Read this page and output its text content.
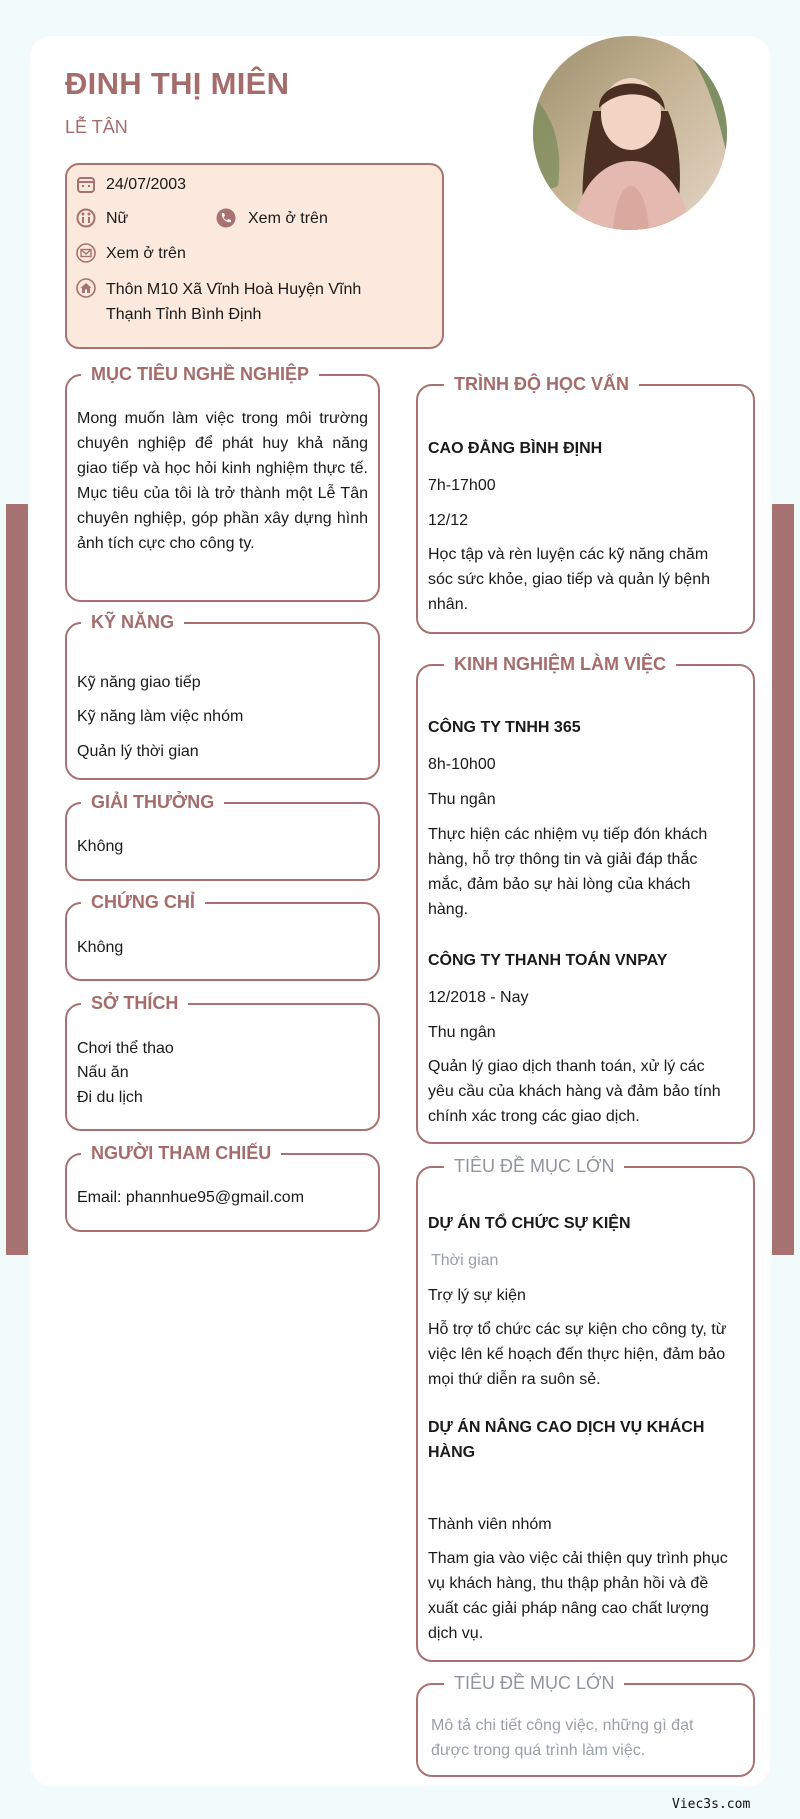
ĐINH THỊ MIÊN
LỄ TÂN
24/07/2003
Nữ	Xem ở trên
Xem ở trên
Thôn M10 Xã Vĩnh Hoà Huyện Vĩnh Thạnh Tỉnh Bình Định
MỤC TIÊU NGHỀ NGHIỆP
Mong muốn làm việc trong môi trường chuyên nghiệp để phát huy khả năng giao tiếp và học hỏi kinh nghiệm thực tế. Mục tiêu của tôi là trở thành một Lễ Tân chuyên nghiệp, góp phần xây dựng hình ảnh tích cực cho công ty.
KỸ NĂNG
Kỹ năng giao tiếp
Kỹ năng làm việc nhóm
Quản lý thời gian
GIẢI THƯỞNG
Không
CHỨNG CHỈ
Không
SỞ THÍCH
Chơi thể thao
Nấu ăn
Đi du lịch
NGƯỜI THAM CHIẾU
Email: phannhue95@gmail.com
TRÌNH ĐỘ HỌC VẤN
CAO ĐẲNG BÌNH ĐỊNH
7h-17h00
12/12
Học tập và rèn luyện các kỹ năng chăm sóc sức khỏe, giao tiếp và quản lý bệnh nhân.
KINH NGHIỆM LÀM VIỆC
CÔNG TY TNHH 365
8h-10h00
Thu ngân
Thực hiện các nhiệm vụ tiếp đón khách hàng, hỗ trợ thông tin và giải đáp thắc mắc, đảm bảo sự hài lòng của khách hàng.
CÔNG TY THANH TOÁN VNPAY
12/2018 - Nay
Thu ngân
Quản lý giao dịch thanh toán, xử lý các yêu cầu của khách hàng và đảm bảo tính chính xác trong các giao dịch.
TIÊU ĐỀ MỤC LỚN
DỰ ÁN TỔ CHỨC SỰ KIỆN
Thời gian
Trợ lý sự kiện
Hỗ trợ tổ chức các sự kiện cho công ty, từ việc lên kế hoạch đến thực hiện, đảm bảo mọi thứ diễn ra suôn sẻ.
DỰ ÁN NÂNG CAO DỊCH VỤ KHÁCH HÀNG
Thành viên nhóm
Tham gia vào việc cải thiện quy trình phục vụ khách hàng, thu thập phản hồi và đề xuất các giải pháp nâng cao chất lượng dịch vụ.
TIÊU ĐỀ MỤC LỚN
Mô tả chi tiết công việc, những gì đạt được trong quá trình làm việc.
Viec3s.com
